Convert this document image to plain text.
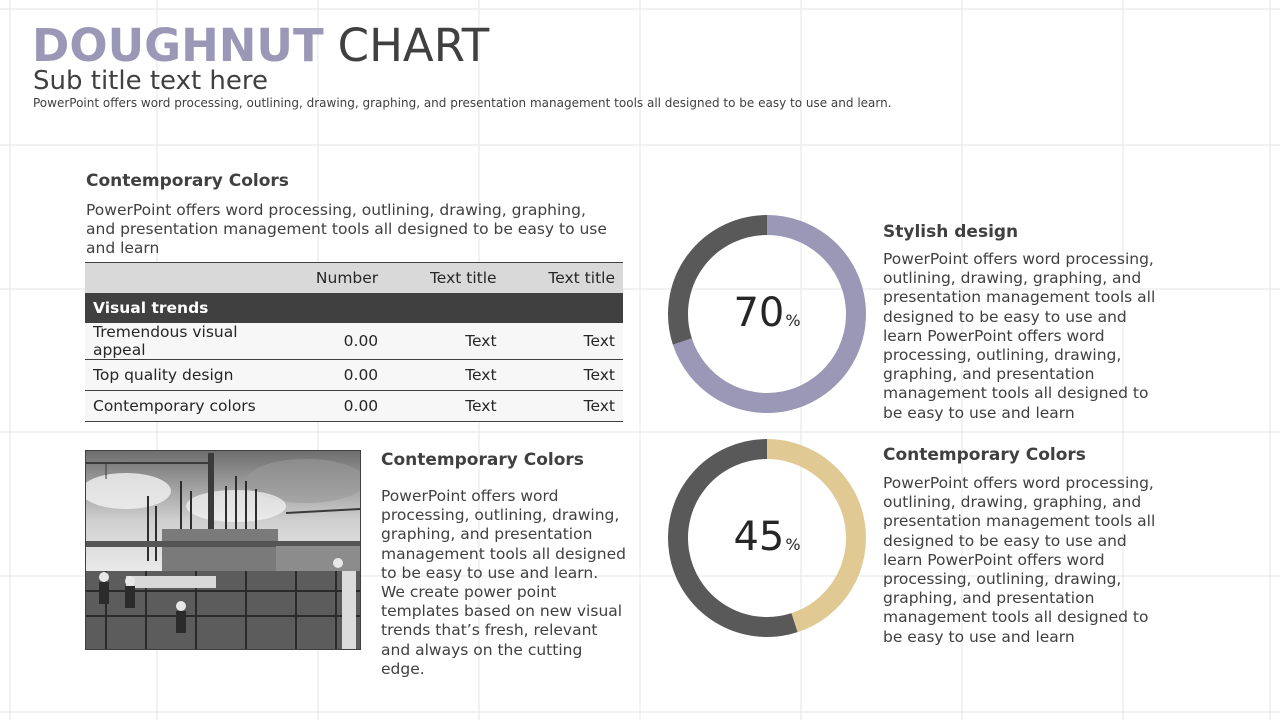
DOUGHNUT CHART
Sub title text here
PowerPoint offers word processing, outlining, drawing, graphing, and presentation management tools all designed to be easy to use and learn.
Contemporary Colors
PowerPoint offers word processing, outlining, drawing, graphing, and presentation management tools all designed to be easy to use and learn
	Number	Text title	Text title
Visual trends			
Tremendous visual appeal	0.00	Text	Text
Top quality design	0.00	Text	Text
Contemporary colors	0.00	Text	Text
Contemporary Colors
PowerPoint offers word processing, outlining, drawing, graphing, and presentation management tools all designed to be easy to use and learn. We create power point templates based on new visual trends that’s fresh, relevant and always on the cutting edge.
70%
45%
Stylish design
PowerPoint offers word processing, outlining, drawing, graphing, and presentation management tools all designed to be easy to use and learn PowerPoint offers word processing, outlining, drawing, graphing, and presentation management tools all designed to be easy to use and learn
Contemporary Colors
PowerPoint offers word processing, outlining, drawing, graphing, and presentation management tools all designed to be easy to use and learn PowerPoint offers word processing, outlining, drawing, graphing, and presentation management tools all designed to be easy to use and learn
